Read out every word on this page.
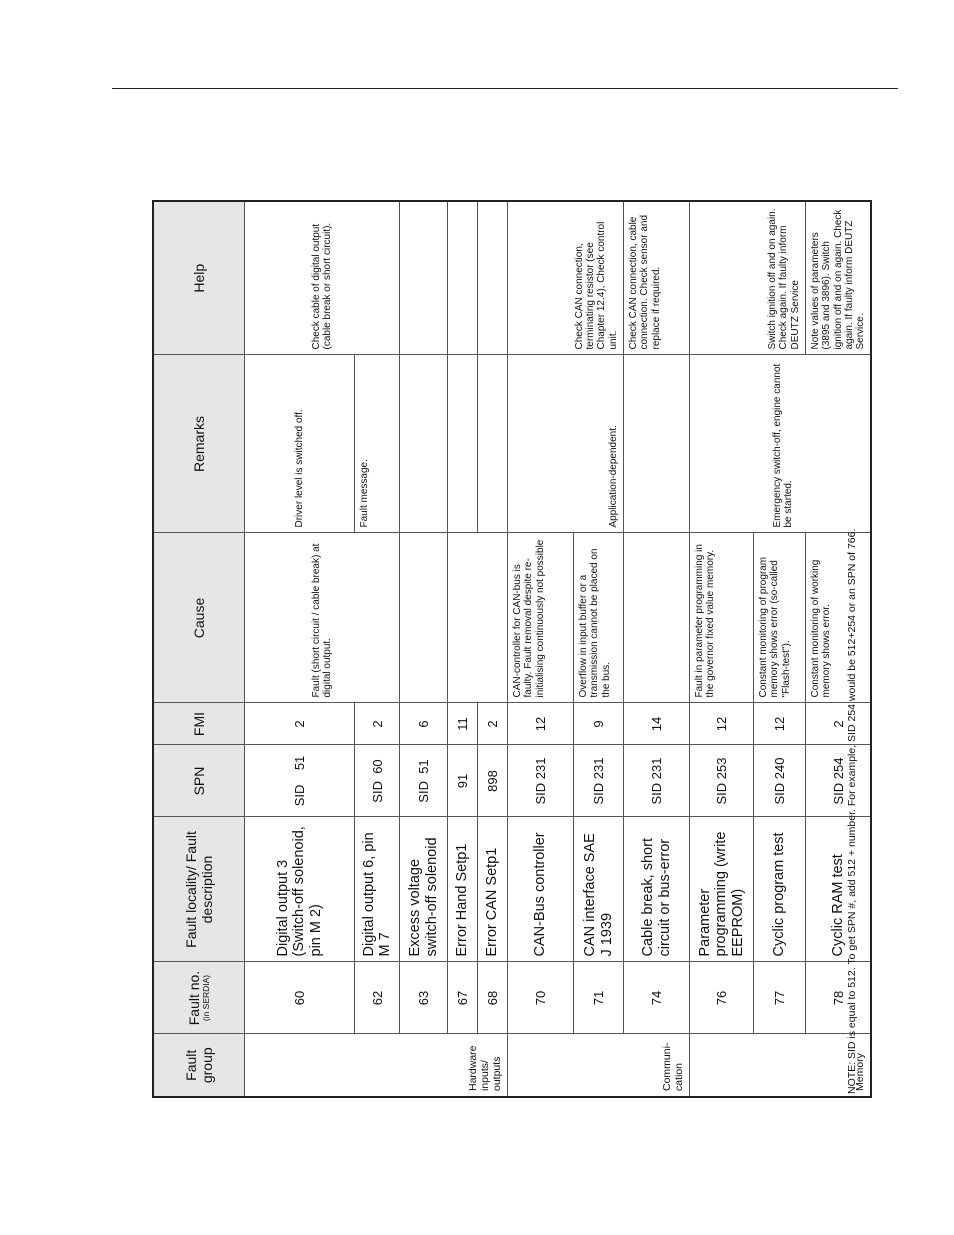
Fault group	Fault no. (in SERDIA)	Fault locality/ Fault description	SPN	FMI	Cause	Remarks	Help
Hardware inputs/ outputs	60	Digital output 3 (Switch-off solenoid, pin M 2)	SID    51	2	Fault (short circuit / cable break) at digital output.	Driver level is switched off.	Check cable of digital output (cable break or short circuit).
	62	Digital output 6, pin M 7	SID  60	2		Fault message.	
	63	Excess voltage switch-off solenoid	SID  51	6			
	67	Error Hand Setp1	91	11			
	68	Error CAN Setp1	898	2			
Communi- cation	70	CAN-Bus controller	SID 231	12	CAN-controller for CAN-bus is faulty. Fault removal despite re-initialising continuously not possible	Application-dependent.	Check CAN connection, terminating resistor (see Chapter 12.4), Check control unit.
	71	CAN interface SAE J 1939	SID 231	9	Overflow in input buffer or a transmission cannot be placed on the bus.		
	74	Cable break, short circuit or bus-error	SID 231	14			Check CAN connection, cable connection. Check sensor and replace if required.
Memory	76	Parameter programming (write EEPROM)	SID 253	12	Fault in parameter programming in the governor fixed value memory.	Emergency switch-off, engine cannot be started.	Switch ignition off and on again. Check again. If faulty inform DEUTZ Service
	77	Cyclic program test	SID 240	12	Constant monitoring of program memory shows error (so-called "Flash-test").		
	78	Cyclic RAM test	SID 254	2	Constant monitoring of working memory shows error.		Note values of parameters (3895 and 3896). Switch ignition off and on again. Check again. If faulty inform DEUTZ Service.
NOTE: SID is equal to 512. To get SPN #, add 512 + number. For example, SID 254 would be 512+254 or an SPN of 766.
